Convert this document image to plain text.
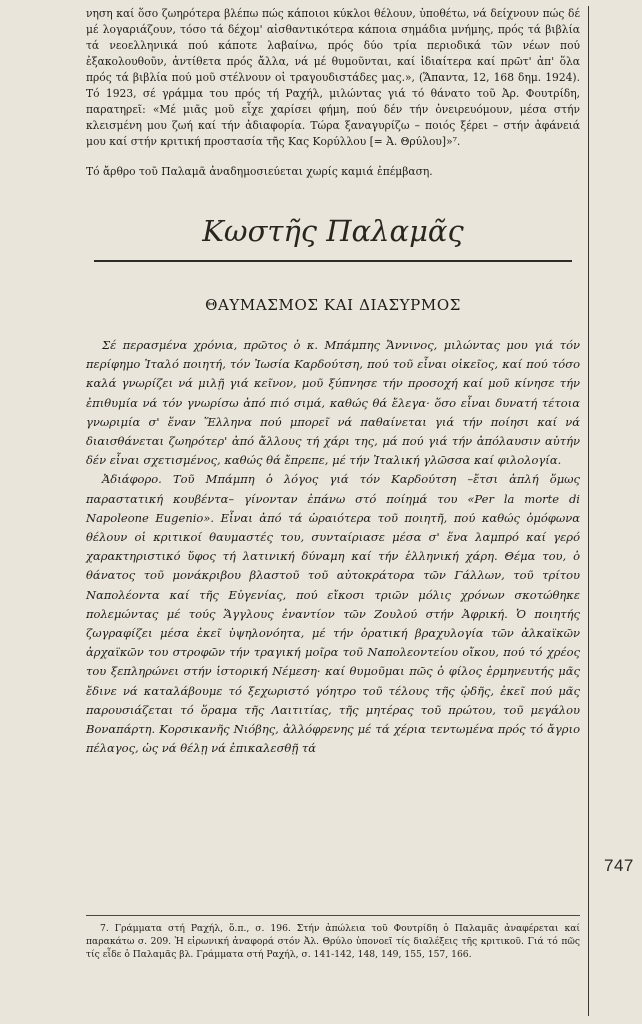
747

νηση καί ὅσο ζωηρότερα βλέπω πώς κάποιοι κύκλοι θέλουν, ὑποθέτω, νά δείχνουν πώς δέ μέ λογαριάζουν, τόσο τά δέχομ' αἰσθαντικότερα κάποια σημάδια μνήμης, πρός τά βιβλία τά νεοελληνικά πού κάποτε λαβαίνω, πρός δύο τρία περιοδικά τῶν νέων πού ἐξακολουθοῦν, ἀντίθετα πρός ἄλλα, νά μέ θυμοῦνται, καί ἰδιαίτερα καί πρῶτ' ἀπ' ὅλα πρός τά βιβλία πού μοῦ στέλνουν οἱ τραγουδιστάδες μας.», (Ἅπαντα, 12, 168 δημ. 1924). Τό 1923, σέ γράμμα του πρός τή Ραχήλ, μιλώντας γιά τό θάνατο τοῦ Ἀρ. Φουτρίδη, παρατηρεῖ: «Μέ μιᾶς μοῦ εἶχε χαρίσει φήμη, πού δέν τήν ὀνειρευόμουν, μέσα στήν κλεισμένη μου ζωή καί τήν ἀδιαφορία. Τώρα ξαναγυρίζω – ποιός ξέρει – στήν ἀφάνειά μου καί στήν κριτική προστασία τῆς Κας Κορύλλου [= Ἀ. Θρύλου]»⁷.

Τό ἄρθρο τοῦ Παλαμᾶ ἀναδημοσιεύεται χωρίς καμιά ἐπέμβαση.

Κωστῆς Παλαμᾶς
ΘΑΥΜΑΣΜΟΣ ΚΑΙ ΔΙΑΣΥΡΜΟΣ

Σέ περασμένα χρόνια, πρῶτος ὁ κ. Μπάμπης Ἄννινος, μιλώντας μου γιά τόν περίφημο Ἰταλό ποιητή, τόν Ἰωσία Καρδούτση, πού τοῦ εἶναι οἰκεῖος, καί πού τόσο καλά γνωρίζει νά μιλῇ γιά κεῖνον, μοῦ ξύπνησε τήν προσοχή καί μοῦ κίνησε τήν ἐπιθυμία νά τόν γνωρίσω ἀπό πιό σιμά, καθώς θά ἔλεγα· ὅσο εἶναι δυνατή τέτοια γνωριμία σ' ἕναν Ἕλληνα πού μπορεῖ νά παθαίνεται γιά τήν ποίησι καί νά διαισθάνεται ζωηρότερ' ἀπό ἄλλους τή χάρι της, μά πού γιά τήν ἀπόλαυσιν αὐτήν δέν εἶναι σχετισμένος, καθώς θά ἔπρεπε, μέ τήν Ἰταλική γλῶσσα καί φιλολογία.

Ἀδιάφορο. Τοῦ Μπάμπη ὁ λόγος γιά τόν Καρδούτση –ἔτσι ἁπλή ὅμως παραστατική κουβέντα– γίνονταν ἐπάνω στό ποίημά του «Per la morte di Napoleone Eugenio». Εἶναι ἀπό τά ὡραιότερα τοῦ ποιητῆ, πού καθώς ὁμόφωνα θέλουν οἱ κριτικοί θαυμαστές του, συνταίριασε μέσα σ' ἕνα λαμπρό καί γερό χαρακτηριστικό ὕφος τή λατινική δύναμη καί τήν ἑλληνική χάρη. Θέμα του, ὁ θάνατος τοῦ μονάκριβου βλαστοῦ τοῦ αὐτοκράτορα τῶν Γάλλων, τοῦ τρίτου Ναπολέοντα καί τῆς Εὐγενίας, πού εἴκοσι τριῶν μόλις χρόνων σκοτώθηκε πολεμώντας μέ τούς Ἄγγλους ἐναντίον τῶν Ζουλού στήν Ἀφρική. Ὁ ποιητής ζωγραφίζει μέσα ἐκεῖ ὑψηλονόητα, μέ τήν ὁρατική βραχυλογία τῶν ἀλκαϊκῶν ἀρχαϊκῶν του στροφῶν τήν τραγική μοῖρα τοῦ Ναπολεοντείου οἴκου, πού τό χρέος του ξεπληρώνει στήν ἱστορική Νέμεση· καί θυμοῦμαι πῶς ὁ φίλος ἑρμηνευτής μᾶς ἔδινε νά καταλάβουμε τό ξεχωριστό γόητρο τοῦ τέλους τῆς ᾠδῆς, ἐκεῖ πού μᾶς παρουσιάζεται τό ὅραμα τῆς Λαιτιτίας, τῆς μητέρας τοῦ πρώτου, τοῦ μεγάλου Βοναπάρτη. Κορσικανῆς Νιόβης, ἀλλόφρενης μέ τά χέρια τεντωμένα πρός τό ἄγριο πέλαγος, ὡς νά θέλῃ νά ἐπικαλεσθῇ τά

7. Γράμματα στή Ραχήλ, ὅ.π., σ. 196. Στήν ἀπώλεια τοῦ Φουτρίδη ὁ Παλαμᾶς ἀναφέρεται καί παρακάτω σ. 209. Ἡ εἰρωνική ἀναφορά στόν Ἀλ. Θρύλο ὑπονοεῖ τίς διαλέξεις τῆς κριτικοῦ. Γιά τό πῶς τίς εἶδε ὁ Παλαμᾶς βλ. Γράμματα στή Ραχήλ, σ. 141-142, 148, 149, 155, 157, 166.
